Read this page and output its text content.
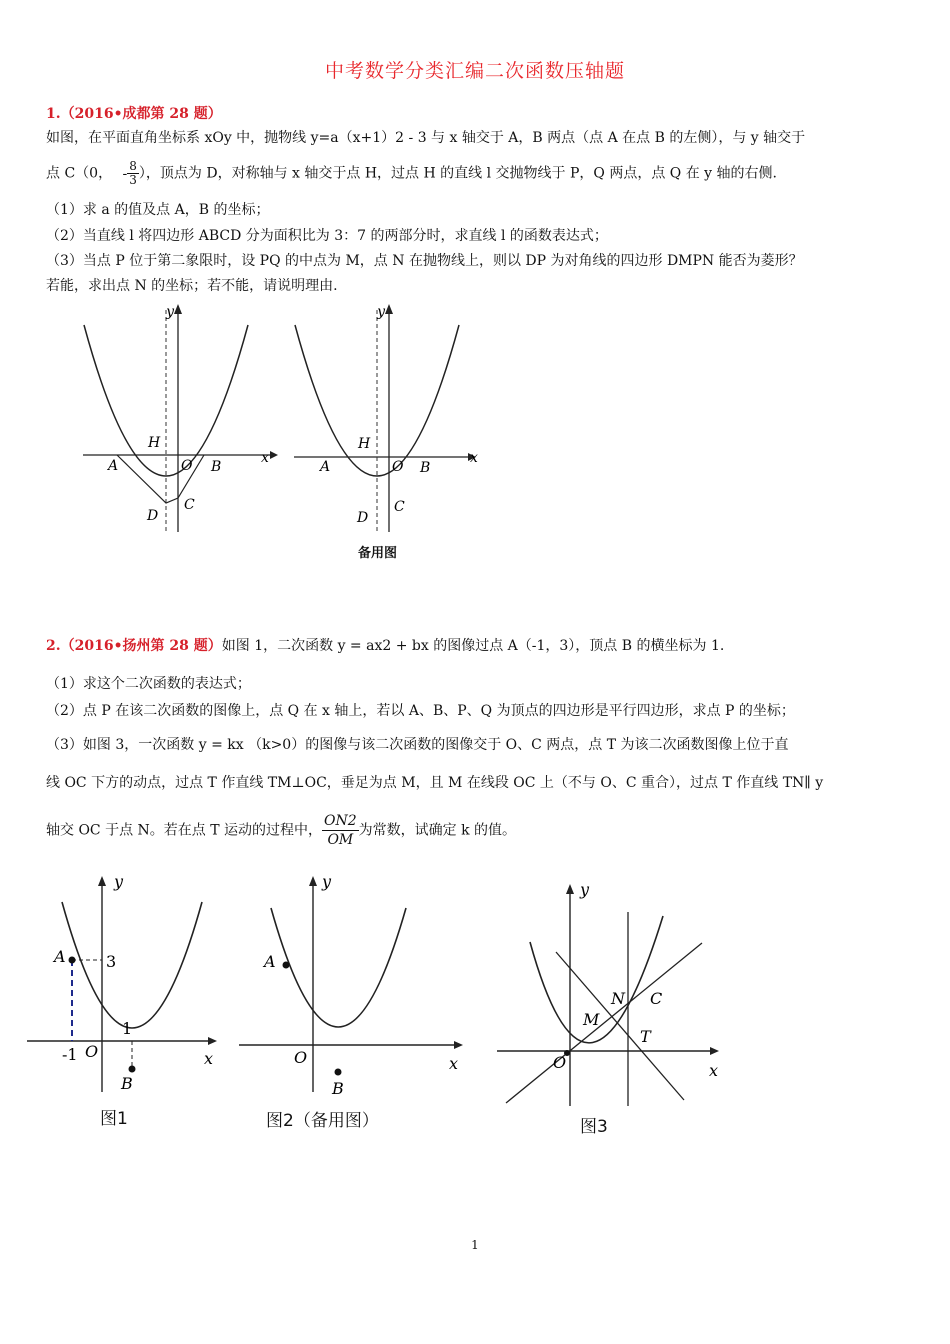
中考数学分类汇编二次函数压轴题
1.（2016•成都第 28 题）
如图，在平面直角坐标系 xOy 中，抛物线 y=a（x+1）2 - 3 与 x 轴交于 A，B 两点（点 A 在点 B 的左侧），与 y 轴交于
点 C（0， - $\frac{8}{3}$ ），顶点为 D，对称轴与 x 轴交于点 H，过点 H 的直线 l 交抛物线于 P，Q 两点，点 Q 在 y 轴的右侧.
（1）求 a 的值及点 A，B 的坐标；
（2）当直线 l 将四边形 ABCD 分为面积比为 3：7 的两部分时，求直线 l 的函数表达式；
（3）当点 P 位于第二象限时，设 PQ 的中点为 M，点 N 在抛物线上，则以 DP 为对角线的四边形 DMPN 能否为菱形？
若能，求出点 N 的坐标；若不能，请说明理由.
y
x
H
A	O B
D
C
y
x
H
A	O B
D
C
备用图
2.（2016•扬州第 28 题）如图 1，二次函数 y = ax2 + bx 的图像过点 A（-1，3），顶点 B 的横坐标为 1.
（1）求这个二次函数的表达式；
（2）点 P 在该二次函数的图像上，点 Q 在 x 轴上，若以 A、B、P、Q 为顶点的四边形是平行四边形，求点 P 的坐标；
（3）如图 3，一次函数 y = kx （k>0）的图像与该二次函数的图像交于 O、C 两点，点 T 为该二次函数图像上位于直
线 OC 下方的动点，过点 T 作直线 TM⊥OC，垂足为点 M，且 M 在线段 OC 上（不与 O、C 重合），过点 T 作直线 TN∥ y
轴交 OC 于点 N。若在点 T 运动的过程中， $\frac{ON2}{OM}$ 为常数，试确定 k 的值。
y
A	3
1
-1 O	x
B
图1
y
A
O	x
B
图2（备用图）
y
N C
M
T
O	x
图3
1
